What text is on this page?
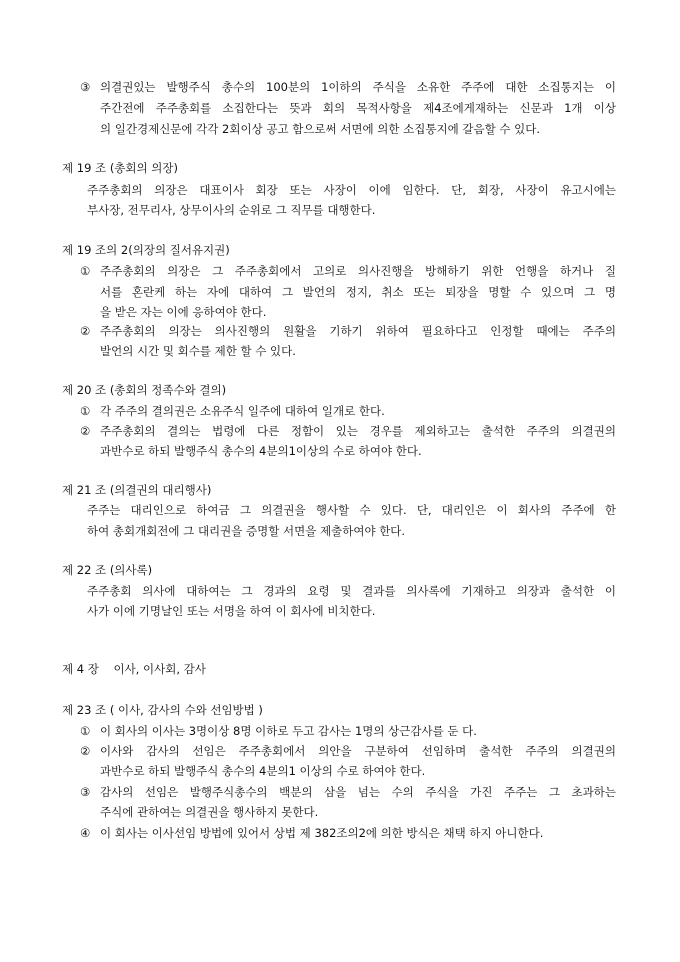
③ 의결권있는 발행주식 총수의 100분의 1이하의 주식을 소유한 주주에 대한 소집통지는 이
주간전에 주주총회를 소집한다는 뜻과 회의 목적사항을 제4조에게재하는 신문과 1개 이상
의 일간경제신문에 각각 2회이상 공고 함으로써 서면에 의한 소집통지에 갈음할 수 있다.
제 19 조 (총회의 의장)
주주총회의 의장은 대표이사 회장 또는 사장이 이에 임한다. 단, 회장, 사장이 유고시에는
부사장, 전무리사, 상무이사의 순위로 그 직무를 대행한다.
제 19 조의 2(의장의 질서유지권)
① 주주총회의 의장은 그 주주총회에서 고의로 의사진행을 방해하기 위한 언행을 하거나 질
서를 혼란케 하는 자에 대하여 그 발언의 정지, 취소 또는 퇴장을 명할 수 있으며 그 명
을 받은 자는 이에 응하여야 한다.
② 주주총회의 의장는 의사진행의 원활을 기하기 위하여 필요하다고 인정할 때에는 주주의
발언의 시간 및 회수를 제한 할 수 있다.
제 20 조 (총회의 정족수와 결의)
① 각 주주의 결의권은 소유주식 일주에 대하여 일개로 한다.
② 주주총회의 결의는 법령에 다른 정함이 있는 경우를 제외하고는 출석한 주주의 의결권의
과반수로 하되 발행주식 총수의 4분의1이상의 수로 하여야 한다.
제 21 조 (의결권의 대리행사)
주주는 대리인으로 하여금 그 의결권을 행사할 수 있다. 단, 대리인은 이 회사의 주주에 한
하여 총회개회전에 그 대리권을 증명할 서면을 제출하여야 한다.
제 22 조 (의사록)
주주총회 의사에 대하여는 그 경과의 요령 및 결과를 의사록에 기재하고 의장과 출석한 이
사가 이에 기명날인 또는 서명을 하여 이 회사에 비치한다.
제 4 장    이사, 이사회, 감사
제 23 조 ( 이사, 감사의 수와 선임방법 )
① 이 회사의 이사는 3명이상 8명 이하로 두고 감사는 1명의 상근감사를 둔 다.
② 이사와 감사의 선임은 주주총회에서 의안을 구분하여 선임하며 출석한 주주의 의결권의
과반수로 하되 발행주식 총수의 4분의1 이상의 수로 하여야 한다.
③ 감사의 선임은 발행주식총수의 백분의 삼을 넘는 수의 주식을 가진 주주는 그 초과하는
주식에 관하여는 의결권을 행사하지 못한다.
④ 이 회사는 이사선임 방법에 있어서 상법 제 382조의2에 의한 방식은 채택 하지 아니한다.
